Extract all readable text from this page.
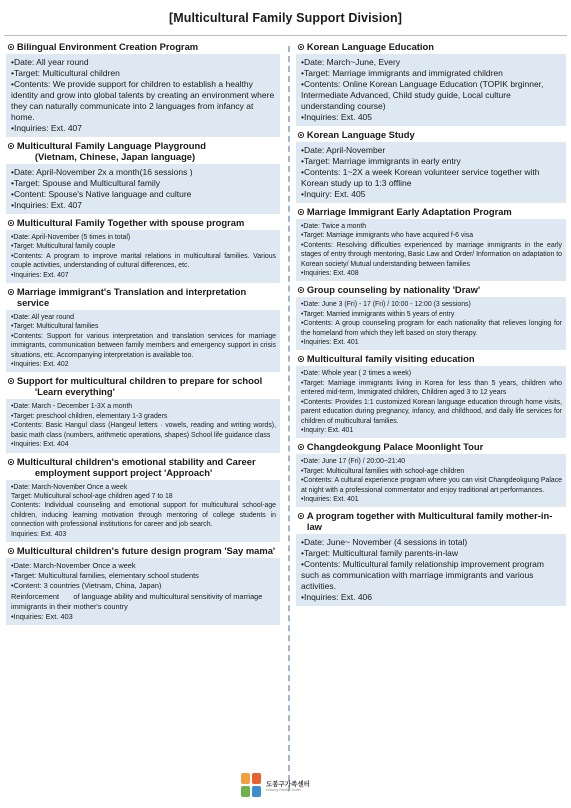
[Multicultural Family Support Division]
⊙ Bilingual Environment Creation Program
•Date: All year round
•Target: Multicultural children
•Contents: We provide support for children to establish a healthy identity and grow into global talents by creating an environment where they can naturally communicate into 2 languages from infancy at home.
•Inquiries: Ext. 407
⊙ Multicultural Family Language Playground
(Vietnam, Chinese, Japan language)
•Date: April-November 2x a month(16 sessions )
•Target: Spouse and Multicultural family
•Content: Spouse's Native language and culture
•Inquiries: Ext. 407
⊙ Multicultural Family Together with spouse program
•Date: April-November (5 times in total)
•Target: Multicultural family couple
•Contents: A program to improve marital relations in multicultural families. Various couple activities, understanding of cultural differences, etc.
•Inquiries: Ext. 407
⊙ Marriage immigrant's Translation and interpretation service
•Date: All year round
•Target: Multicultural families
•Contents: Support for various interpretation and translation services for marriage immigrants, communication between family members and emergency support in crisis situations, etc. Accompanying interpretation is available too.
•Inquiries: Ext. 402
⊙ Support for multicultural children to prepare for school
'Learn everything'
•Date: March - December 1-3X a month
•Target: preschool children, elementary 1-3 graders
•Contents: Basic Hangul class (Hangeul letters · vowels, reading and writing words), basic math class (numbers, arithmetic operations, shapes) School life guidance class
•Inquiries: Ext. 404
⊙ Multicultural children's emotional stability and Career
employment support project 'Approach'
•Date: March-November Once a week
Target: Multicultural school-age children aged 7 to 18
Contents: Individual counseling and emotional support for multicultural school-age children, inducing learning motivation through mentoring of college students in connection with professional institutions for career and job search.
Inquiries: Ext. 403
⊙ Multicultural children's future design program 'Say mama'
•Date: March-November Once a week
•Target: Multicultural families, elementary school students
•Content: 3 countries (Vietnam, China, Japan)
Reinforcement       of language ability and multicultural sensitivity of marriage immigrants in their mother's country
•Inquiries: Ext. 403
⊙ Korean Language Education
•Date: March~June, Every
•Target: Marriage immigrants and immigrated children
•Contents: Online Korean Language Education (TOPIK brginner, Intermediate Advanced, Child study guide, Local culture understanding course)
•Inquiries: Ext. 405
⊙ Korean Language Study
•Date: April-November
•Target: Marriage immigrants in early entry
•Contents: 1~2X a week Korean volunteer service together with Korean study up to 1:3 offline
•Inquiry: Ext. 405
⊙ Marriage Immigrant Early Adaptation Program
•Date: Twice a month
•Target: Marriage immigrants who have acquired f-6 visa
•Contents: Resolving difficulties experienced by marriage immigrants in the early stages of entry through mentoring, Basic Law and Order/ Information on adaptation to Korean society/ Mutual understanding between families
•Inquiries: Ext. 408
⊙ Group counseling by nationality 'Draw'
•Date: June 3 (Fri) - 17 (Fri) / 10:00 - 12:00 (3 sessions)
•Target: Married immigrants within 5 years of entry
•Contents: A group counseling program for each nationality that relieves longing for the homeland from which they left based on story therapy.
•Inquiries: Ext. 401
⊙ Multicultural family visiting education
•Date: Whole year ( 2 times a week)
•Target: Marriage immigrants living in Korea for less than 5 years, children who entered mid-term, Immigrated children, Children aged 3 to 12 years
•Contents: Provides 1:1 customized Korean language education through home visits, parent education during pregnancy, infancy, and childhood, and daily life services for children of multicultural families.
•Inquiry: Ext. 401
⊙ Changdeokgung Palace Moonlight Tour
•Date: June 17 (Fri) / 20:00~21:40
•Target: Multicultural families with school-age children
•Contents: A cultural experience program where you can visit Changdeokgung Palace at night with a professional commentator and enjoy traditional art performances.
•Inquiries: Ext. 401
⊙ A program together with Multicultural family mother-in-law
•Date: June~ November (4 sessions in total)
•Target: Multicultural family parents-in-law
•Contents: Multicultural family relationship improvement program such as communication with marriage immigrants and various activities.
•Inquiries: Ext. 406
도봉구가족센터
Dobong Family Center
